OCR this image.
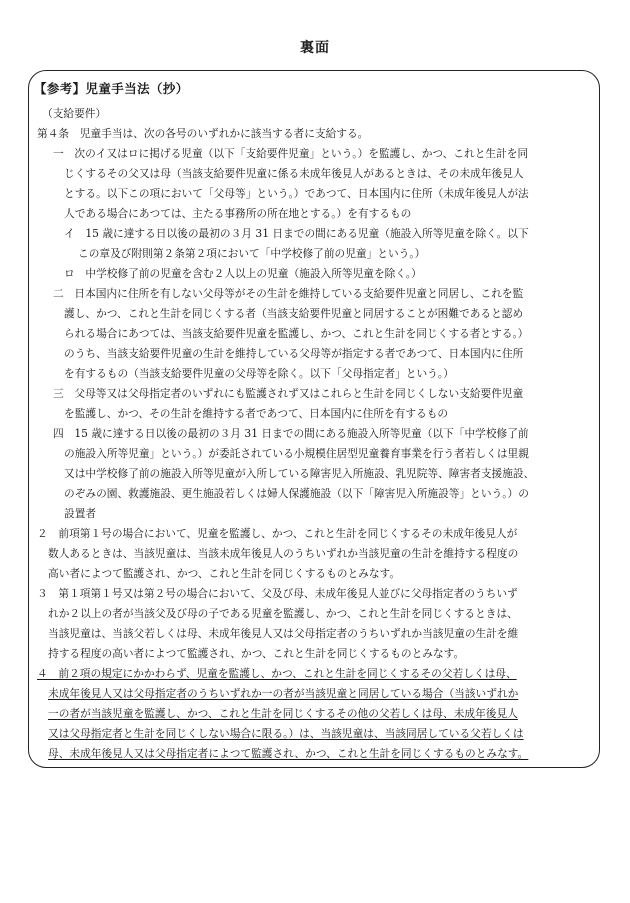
裏面
【参考】児童手当法（抄）
（支給要件）
第４条　児童手当は、次の各号のいずれかに該当する者に支給する。
一　次のイ又はロに掲げる児童（以下「支給要件児童」という。）を監護し、かつ、これと生計を同
じくするその父又は母（当該支給要件児童に係る未成年後見人があるときは、その未成年後見人
とする。以下この項において「父母等」という。）であつて、日本国内に住所（未成年後見人が法
人である場合にあつては、主たる事務所の所在地とする。）を有するもの
イ　15 歳に達する日以後の最初の３月 31 日までの間にある児童（施設入所等児童を除く。以下
この章及び附則第２条第２項において「中学校修了前の児童」という。）
ロ　中学校修了前の児童を含む２人以上の児童（施設入所等児童を除く。）
二　日本国内に住所を有しない父母等がその生計を維持している支給要件児童と同居し、これを監
護し、かつ、これと生計を同じくする者（当該支給要件児童と同居することが困難であると認め
られる場合にあつては、当該支給要件児童を監護し、かつ、これと生計を同じくする者とする。）
のうち、当該支給要件児童の生計を維持している父母等が指定する者であつて、日本国内に住所
を有するもの（当該支給要件児童の父母等を除く。以下「父母指定者」という。）
三　父母等又は父母指定者のいずれにも監護されず又はこれらと生計を同じくしない支給要件児童
を監護し、かつ、その生計を維持する者であつて、日本国内に住所を有するもの
四　15 歳に達する日以後の最初の３月 31 日までの間にある施設入所等児童（以下「中学校修了前
の施設入所等児童」という。）が委託されている小規模住居型児童養育事業を行う者若しくは里親
又は中学校修了前の施設入所等児童が入所している障害児入所施設、乳児院等、障害者支援施設、
のぞみの園、救護施設、更生施設若しくは婦人保護施設（以下「障害児入所施設等」という。）の
設置者
２　前項第１号の場合において、児童を監護し、かつ、これと生計を同じくするその未成年後見人が
数人あるときは、当該児童は、当該未成年後見人のうちいずれか当該児童の生計を維持する程度の
高い者によつて監護され、かつ、これと生計を同じくするものとみなす。
３　第１項第１号又は第２号の場合において、父及び母、未成年後見人並びに父母指定者のうちいず
れか２以上の者が当該父及び母の子である児童を監護し、かつ、これと生計を同じくするときは、
当該児童は、当該父若しくは母、未成年後見人又は父母指定者のうちいずれか当該児童の生計を維
持する程度の高い者によつて監護され、かつ、これと生計を同じくするものとみなす。
４　前２項の規定にかかわらず、児童を監護し、かつ、これと生計を同じくするその父若しくは母、
未成年後見人又は父母指定者のうちいずれか一の者が当該児童と同居している場合（当該いずれか
一の者が当該児童を監護し、かつ、これと生計を同じくするその他の父若しくは母、未成年後見人
又は父母指定者と生計を同じくしない場合に限る。）は、当該児童は、当該同居している父若しくは
母、未成年後見人又は父母指定者によつて監護され、かつ、これと生計を同じくするものとみなす。
